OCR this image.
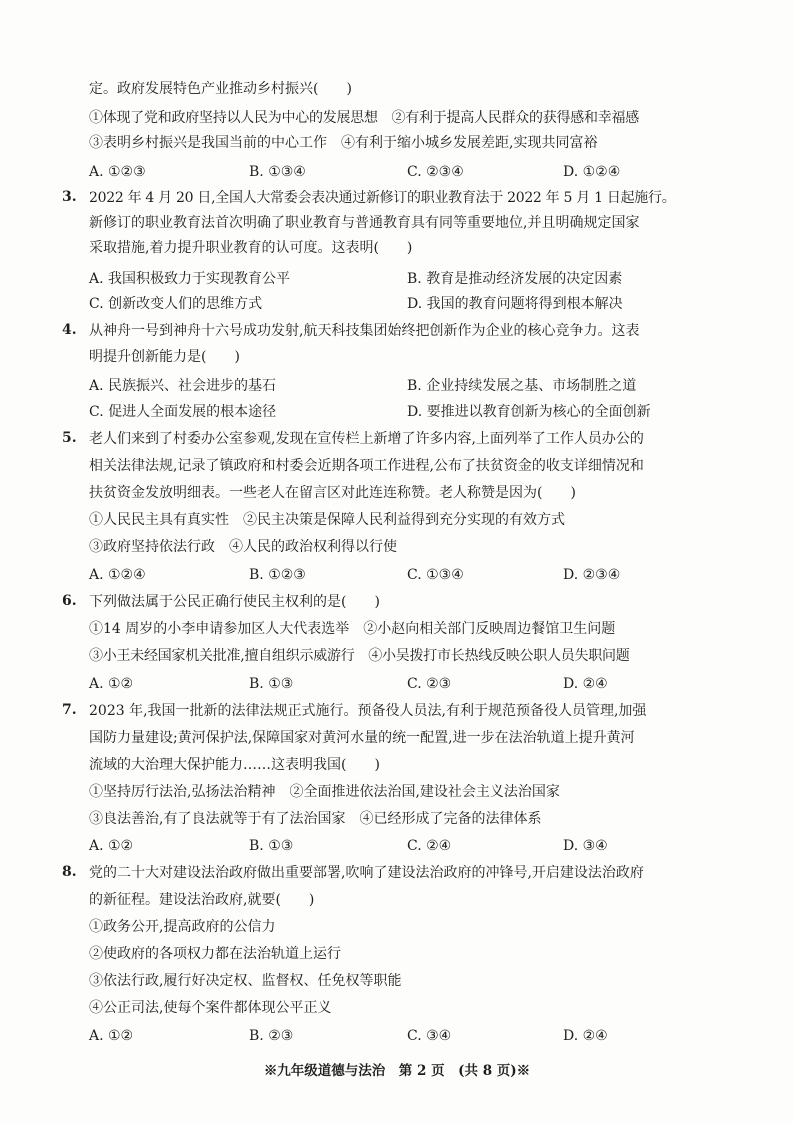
定。政府发展特色产业推动乡村振兴(　　)
①体现了党和政府坚持以人民为中心的发展思想　②有利于提高人民群众的获得感和幸福感
③表明乡村振兴是我国当前的中心工作　④有利于缩小城乡发展差距,实现共同富裕
A. ①②③	B. ①③④	C. ②③④	D. ①②④
3. 2022 年 4 月 20 日,全国人大常委会表决通过新修订的职业教育法于 2022 年 5 月 1 日起施行。
新修订的职业教育法首次明确了职业教育与普通教育具有同等重要地位,并且明确规定国家
采取措施,着力提升职业教育的认可度。这表明(　　)
A. 我国积极致力于实现教育公平	B. 教育是推动经济发展的决定因素
C. 创新改变人们的思维方式	D. 我国的教育问题将得到根本解决
4. 从神舟一号到神舟十六号成功发射,航天科技集团始终把创新作为企业的核心竞争力。这表
明提升创新能力是(　　)
A. 民族振兴、社会进步的基石	B. 企业持续发展之基、市场制胜之道
C. 促进人全面发展的根本途径	D. 要推进以教育创新为核心的全面创新
5. 老人们来到了村委办公室参观,发现在宣传栏上新增了许多内容,上面列举了工作人员办公的
相关法律法规,记录了镇政府和村委会近期各项工作进程,公布了扶贫资金的收支详细情况和
扶贫资金发放明细表。一些老人在留言区对此连连称赞。老人称赞是因为(　　)
①人民民主具有真实性　②民主决策是保障人民利益得到充分实现的有效方式
③政府坚持依法行政　④人民的政治权利得以行使
A. ①②④	B. ①②③	C. ①③④	D. ②③④
6. 下列做法属于公民正确行使民主权利的是(　　)
①14 周岁的小李申请参加区人大代表选举　②小赵向相关部门反映周边餐馆卫生问题
③小王未经国家机关批准,擅自组织示威游行　④小吴拨打市长热线反映公职人员失职问题
A. ①②	B. ①③	C. ②③	D. ②④
7. 2023 年,我国一批新的法律法规正式施行。预备役人员法,有利于规范预备役人员管理,加强
国防力量建设;黄河保护法,保障国家对黄河水量的统一配置,进一步在法治轨道上提升黄河
流域的大治理大保护能力……这表明我国(　　)
①坚持厉行法治,弘扬法治精神　②全面推进依法治国,建设社会主义法治国家
③良法善治,有了良法就等于有了法治国家　④已经形成了完备的法律体系
A. ①②	B. ①③	C. ②④	D. ③④
8. 党的二十大对建设法治政府做出重要部署,吹响了建设法治政府的冲锋号,开启建设法治政府
的新征程。建设法治政府,就要(　　)
①政务公开,提高政府的公信力
②使政府的各项权力都在法治轨道上运行
③依法行政,履行好决定权、监督权、任免权等职能
④公正司法,使每个案件都体现公平正义
A. ①②	B. ②③	C. ③④	D. ②④
※九年级道德与法治　第 2 页　(共 8 页)※
